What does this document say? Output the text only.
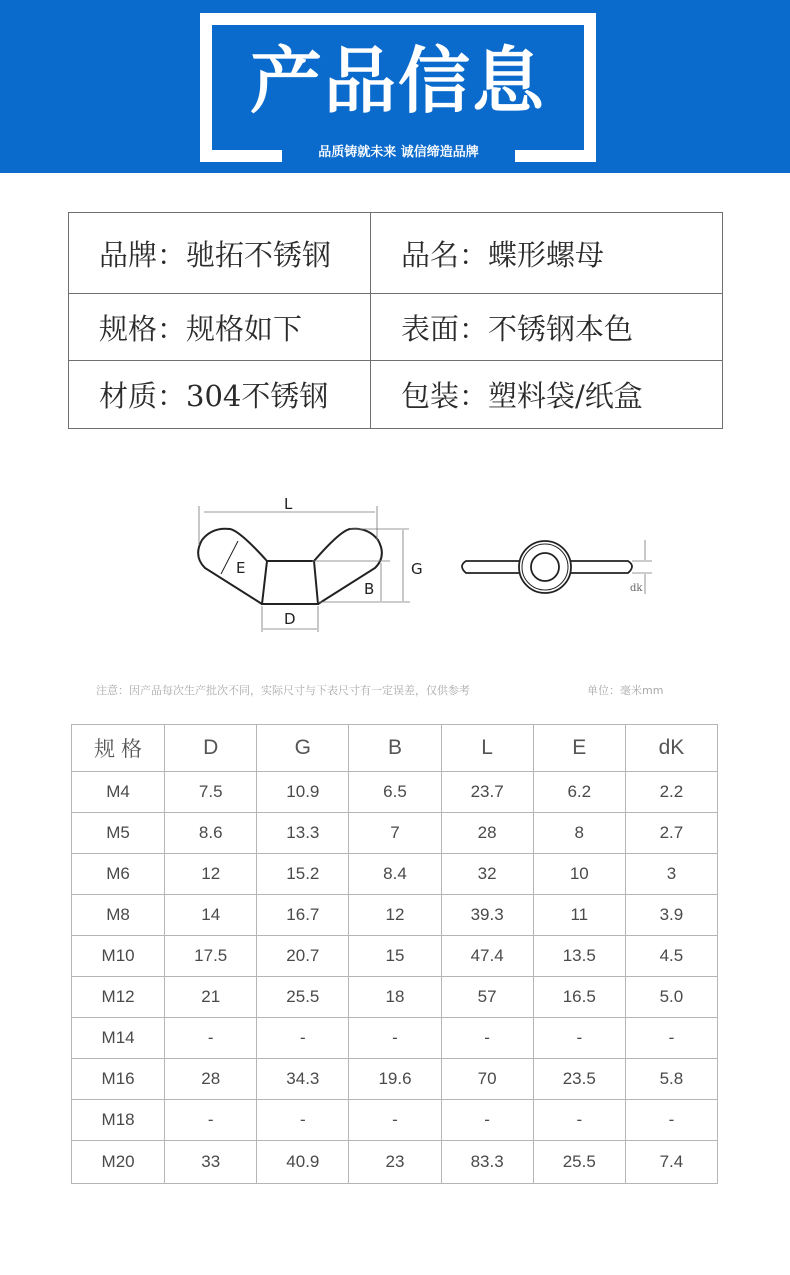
产品信息
品质铸就未来 诚信缔造品牌
品牌：驰拓不锈钢	品名：蝶形螺母
规格：规格如下	表面：不锈钢本色
材质：304不锈钢	包装：塑料袋/纸盒
L
E
B
G
D
dk
注意：因产品每次生产批次不同，实际尺寸与下表尺寸有一定误差，仅供参考	单位：毫米mm
规 格	D	G	B	L	E	dK
M4	7.5	10.9	6.5	23.7	6.2	2.2
M5	8.6	13.3	7	28	8	2.7
M6	12	15.2	8.4	32	10	3
M8	14	16.7	12	39.3	11	3.9
M10	17.5	20.7	15	47.4	13.5	4.5
M12	21	25.5	18	57	16.5	5.0
M14	-	-	-	-	-	-
M16	28	34.3	19.6	70	23.5	5.8
M18	-	-	-	-	-	-
M20	33	40.9	23	83.3	25.5	7.4
